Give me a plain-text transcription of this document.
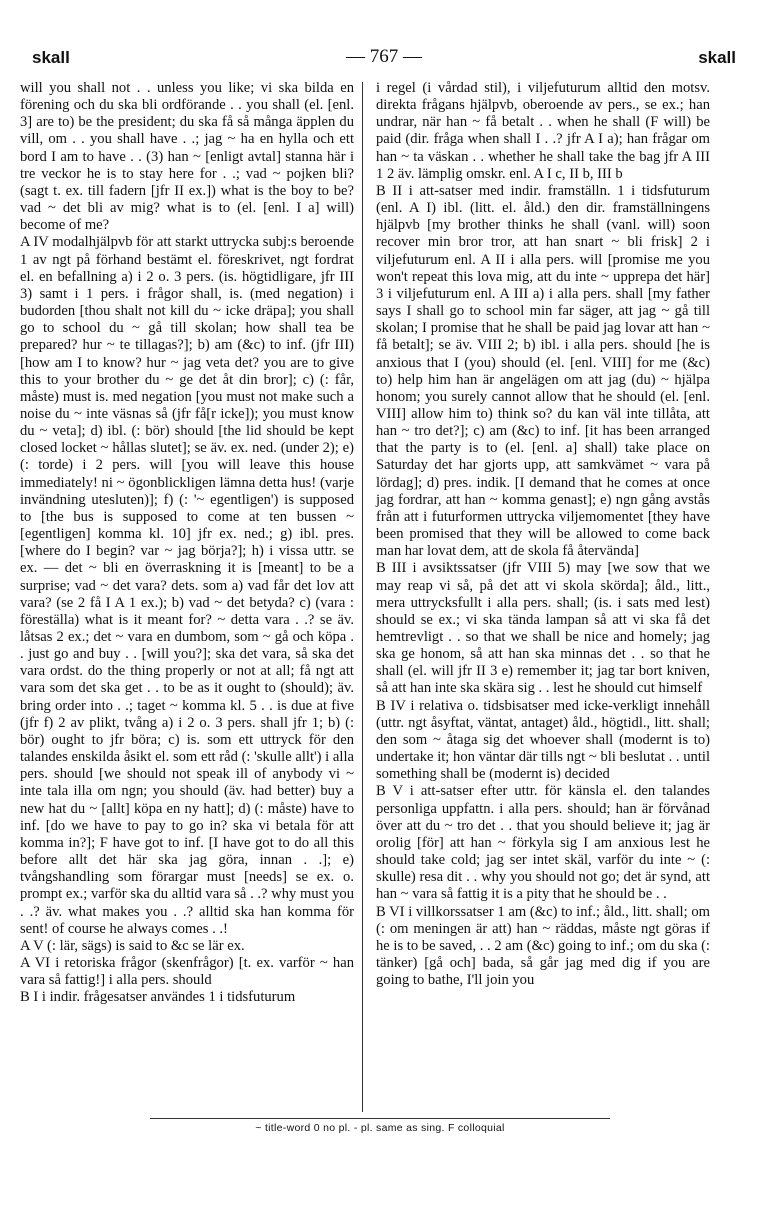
skall	— 767 —	skall

will you shall not . . unless you like; vi ska bilda en förening och du ska bli ordförande . . you shall (el. [enl. 3] are to) be the president; du ska få så många äpplen du vill, om . . you shall have . .; jag ~ ha en hylla och ett bord I am to have . . (3) han ~ [enligt avtal] stanna här i tre veckor he is to stay here for . .; vad ~ pojken bli? (sagt t. ex. till fadern [jfr II ex.]) what is the boy to be? vad ~ det bli av mig? what is to (el. [enl. I a] will) become of me?

A IV modalhjälpvb för att starkt uttrycka subj:s beroende 1 av ngt på förhand bestämt el. föreskrivet, ngt fordrat el. en befallning a) i 2 o. 3 pers. (is. högtidligare, jfr III 3) samt i 1 pers. i frågor shall, is. (med negation) i budorden [thou shalt not kill du ~ icke dräpa]; you shall go to school du ~ gå till skolan; how shall tea be prepared? hur ~ te tillagas?]; b) am (&c) to inf. (jfr III) [how am I to know? hur ~ jag veta det? you are to give this to your brother du ~ ge det åt din bror]; c) (: får, måste) must is. med negation [you must not make such a noise du ~ inte väsnas så (jfr få[r icke]); you must know du ~ veta]; d) ibl. (: bör) should [the lid should be kept closed locket ~ hållas slutet]; se äv. ex. ned. (under 2); e) (: torde) i 2 pers. will [you will leave this house immediately! ni ~ ögonblickligen lämna detta hus! (varje invändning utesluten)]; f) (: '~ egentligen') is supposed to [the bus is supposed to come at ten bussen ~ [egentligen] komma kl. 10] jfr ex. ned.; g) ibl. pres. [where do I begin? var ~ jag börja?]; h) i vissa uttr. se ex. — det ~ bli en överraskning it is [meant] to be a surprise; vad ~ det vara? dets. som a) vad får det lov att vara? (se 2 få I A 1 ex.); b) vad ~ det betyda? c) (vara : föreställa) what is it meant for? ~ detta vara . .? se äv. låtsas 2 ex.; det ~ vara en dumbom, som ~ gå och köpa . . just go and buy . . [will you?]; ska det vara, så ska det vara ordst. do the thing properly or not at all; få ngt att vara som det ska get . . to be as it ought to (should); äv. bring order into . .; taget ~ komma kl. 5 . . is due at five (jfr f) 2 av plikt, tvång a) i 2 o. 3 pers. shall jfr 1; b) (: bör) ought to jfr böra; c) is. som ett uttryck för den talandes enskilda åsikt el. som ett råd (: 'skulle allt') i alla pers. should [we should not speak ill of anybody vi ~ inte tala illa om ngn; you should (äv. had better) buy a new hat du ~ [allt] köpa en ny hatt]; d) (: måste) have to inf. [do we have to pay to go in? ska vi betala för att komma in?]; F have got to inf. [I have got to do all this before allt det här ska jag göra, innan . .]; e) tvångshandling som förargar must [needs] se ex. o. prompt ex.; varför ska du alltid vara så . .? why must you . .? äv. what makes you . .? alltid ska han komma för sent! of course he always comes . .!

A V (: lär, sägs) is said to &c se lär ex.

A VI i retoriska frågor (skenfrågor) [t. ex. varför ~ han vara så fattig!] i alla pers. should

B I i indir. frågesatser användes 1 i tidsfuturum

i regel (i vårdad stil), i viljefuturum alltid den motsv. direkta frågans hjälpvb, oberoende av pers., se ex.; han undrar, när han ~ få betalt . . when he shall (F will) be paid (dir. fråga when shall I . .? jfr A I a); han frågar om han ~ ta väskan . . whether he shall take the bag jfr A III 1 2 äv. lämplig omskr. enl. A I c, II b, III b

B II i att-satser med indir. framställn. 1 i tidsfuturum (enl. A I) ibl. (litt. el. åld.) den dir. framställningens hjälpvb [my brother thinks he shall (vanl. will) soon recover min bror tror, att han snart ~ bli frisk] 2 i viljefuturum enl. A II i alla pers. will [promise me you won't repeat this lova mig, att du inte ~ upprepa det här] 3 i viljefuturum enl. A III a) i alla pers. shall [my father says I shall go to school min far säger, att jag ~ gå till skolan; I promise that he shall be paid jag lovar att han ~ få betalt]; se äv. VIII 2; b) ibl. i alla pers. should [he is anxious that I (you) should (el. [enl. VIII] for me (&c) to) help him han är angelägen om att jag (du) ~ hjälpa honom; you surely cannot allow that he should (el. [enl. VIII] allow him to) think so? du kan väl inte tillåta, att han ~ tro det?]; c) am (&c) to inf. [it has been arranged that the party is to (el. [enl. a] shall) take place on Saturday det har gjorts upp, att samkvämet ~ vara på lördag]; d) pres. indik. [I demand that he comes at once jag fordrar, att han ~ komma genast]; e) ngn gång avstås från att i futurformen uttrycka viljemomentet [they have been promised that they will be allowed to come back man har lovat dem, att de skola få återvända]

B III i avsiktssatser (jfr VIII 5) may [we sow that we may reap vi så, på det att vi skola skörda]; åld., litt., mera uttrycksfullt i alla pers. shall; (is. i sats med lest) should se ex.; vi ska tända lampan så att vi ska få det hemtrevligt . . so that we shall be nice and homely; jag ska ge honom, så att han ska minnas det . . so that he shall (el. will jfr II 3 e) remember it; jag tar bort kniven, så att han inte ska skära sig . . lest he should cut himself

B IV i relativa o. tidsbisatser med icke-verkligt innehåll (uttr. ngt åsyftat, väntat, antaget) åld., högtidl., litt. shall; den som ~ åtaga sig det whoever shall (modernt is to) undertake it; hon väntar där tills ngt ~ bli beslutat . . until something shall be (modernt is) decided

B V i att-satser efter uttr. för känsla el. den talandes personliga uppfattn. i alla pers. should; han är förvånad över att du ~ tro det . . that you should believe it; jag är orolig [för] att han ~ förkyla sig I am anxious lest he should take cold; jag ser intet skäl, varför du inte ~ (: skulle) resa dit . . why you should not go; det är synd, att han ~ vara så fattig it is a pity that he should be . .

B VI i villkorssatser 1 am (&c) to inf.; åld., litt. shall; om (: om meningen är att) han ~ räddas, måste ngt göras if he is to be saved, . . 2 am (&c) going to inf.; om du ska (: tänker) [gå och] bada, så går jag med dig if you are going to bathe, I'll join you

~ title-word 0 no pl. - pl. same as sing. F colloquial
